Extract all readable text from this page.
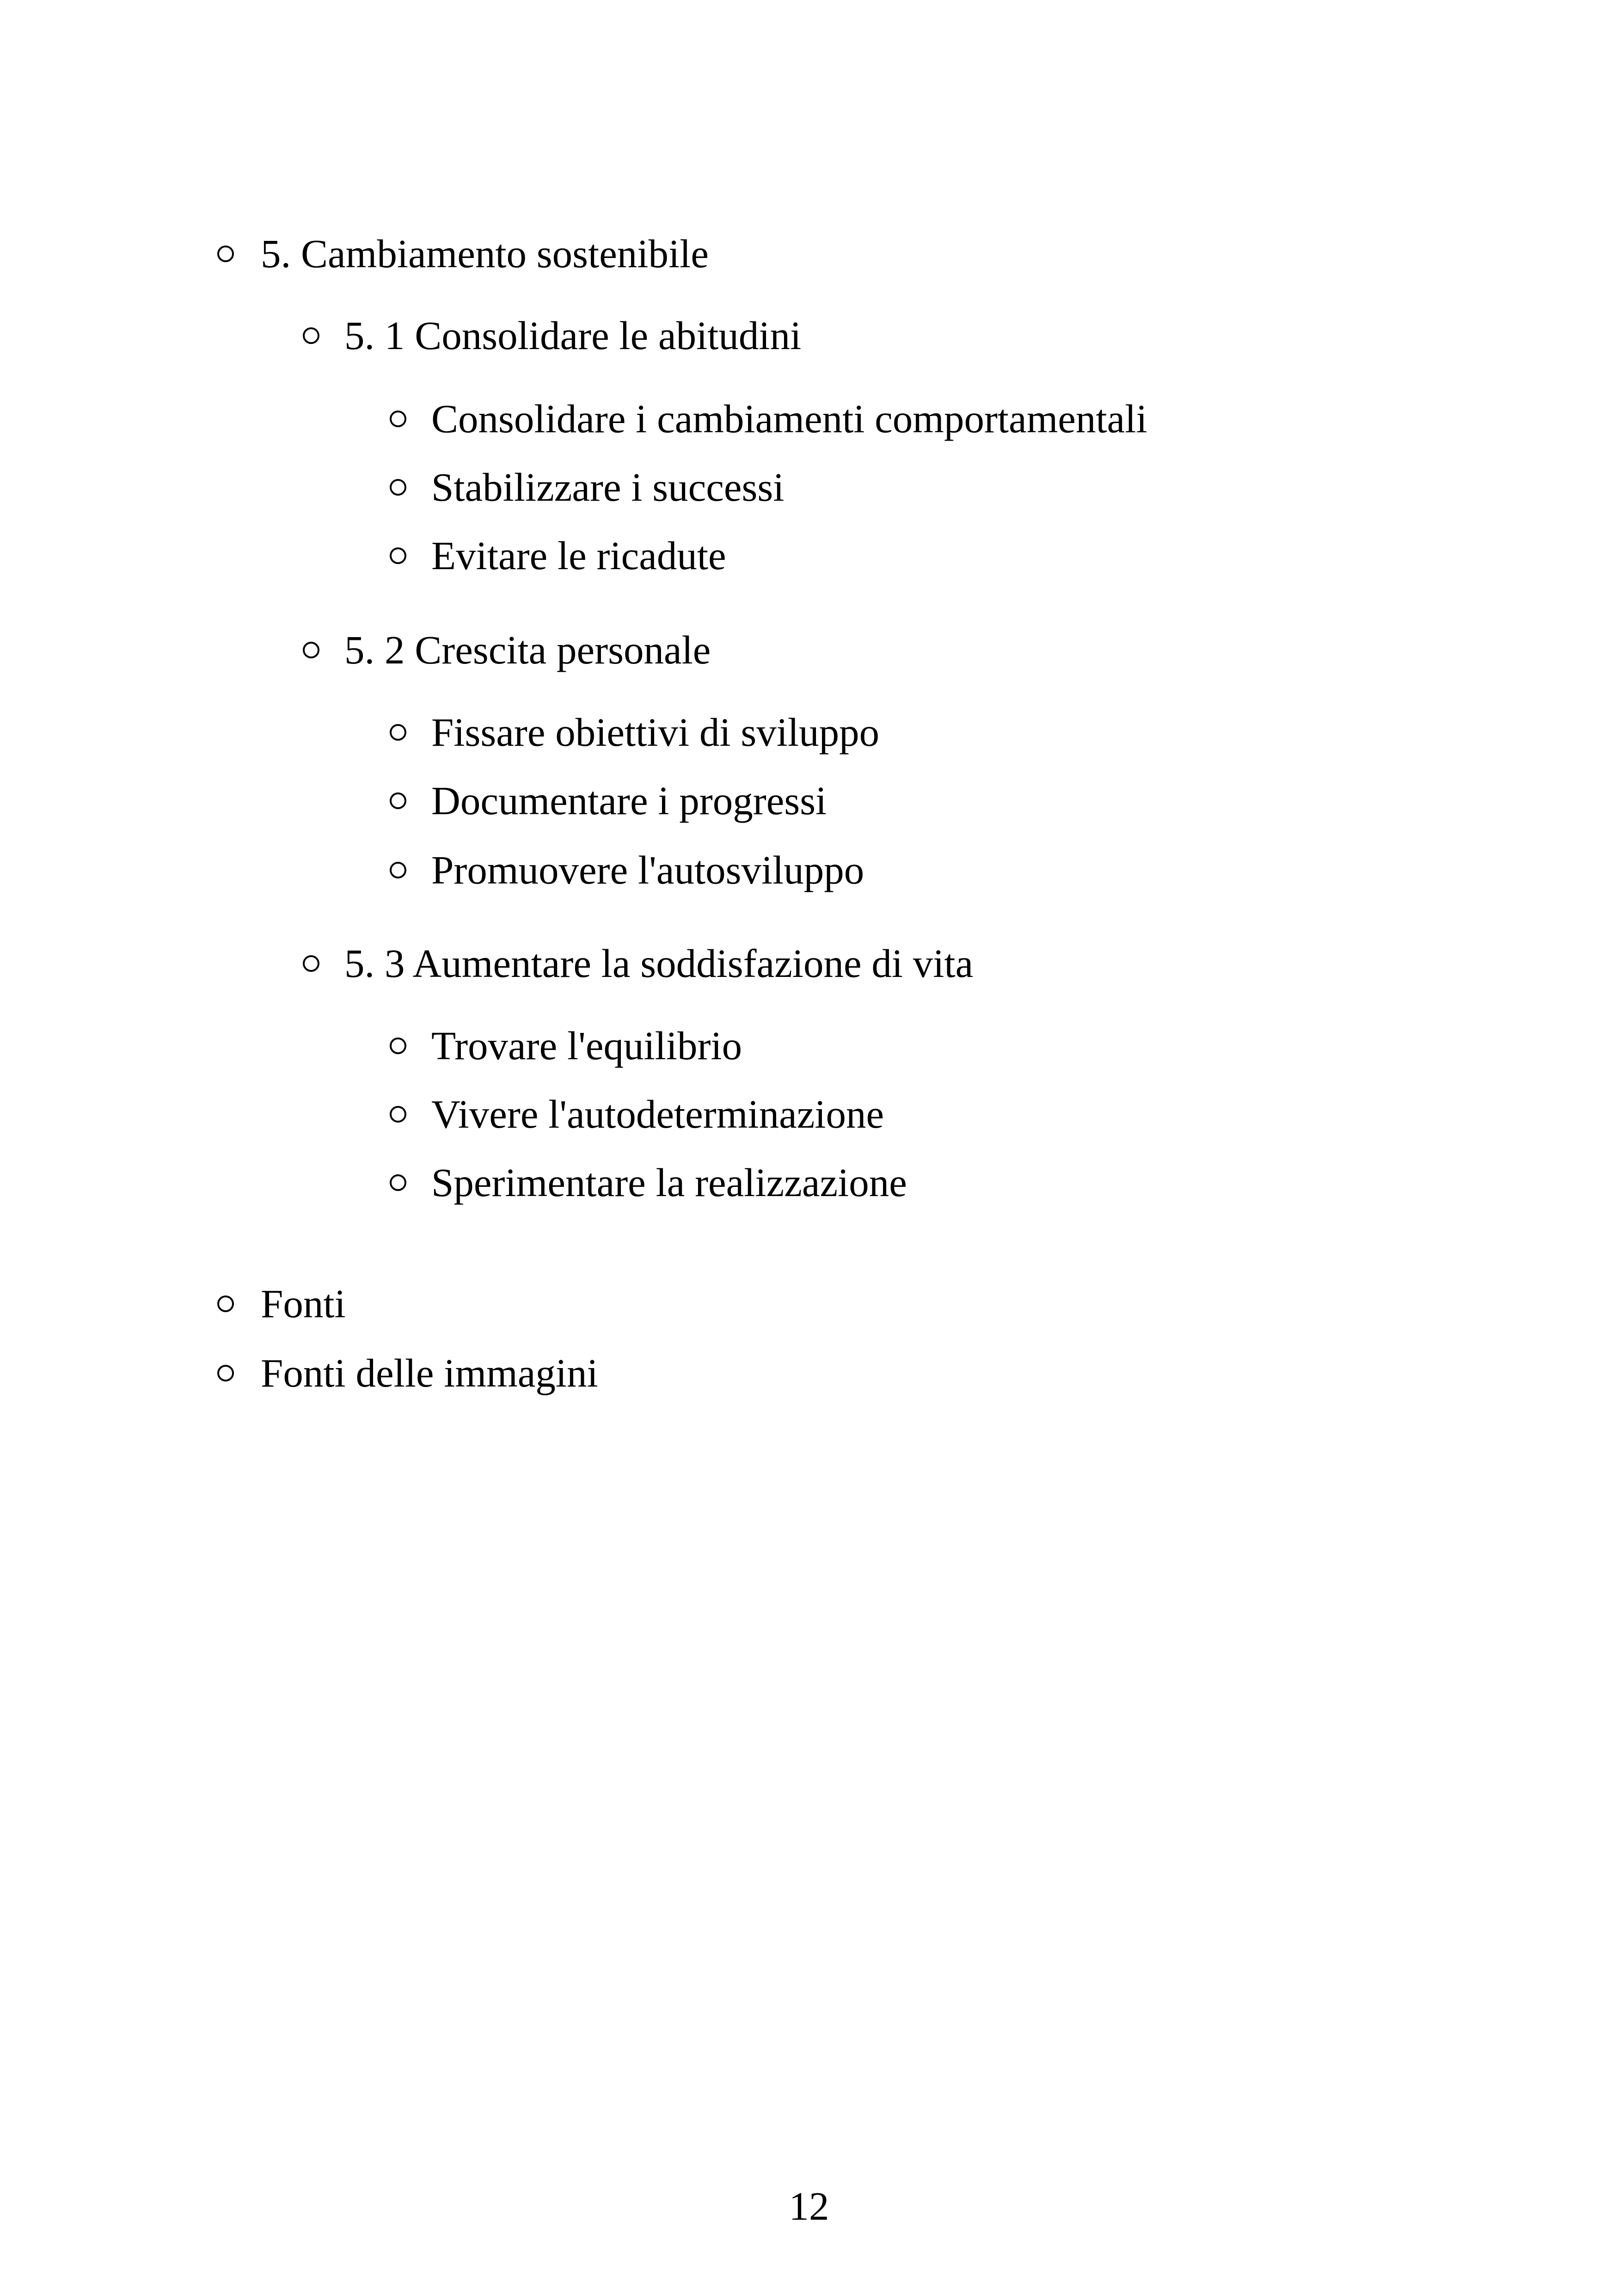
5. Cambiamento sostenibile
5. 1 Consolidare le abitudini
Consolidare i cambiamenti comportamentali
Stabilizzare i successi
Evitare le ricadute
5. 2 Crescita personale
Fissare obiettivi di sviluppo
Documentare i progressi
Promuovere l'autosviluppo
5. 3 Aumentare la soddisfazione di vita
Trovare l'equilibrio
Vivere l'autodeterminazione
Sperimentare la realizzazione
Fonti
Fonti delle immagini
12
